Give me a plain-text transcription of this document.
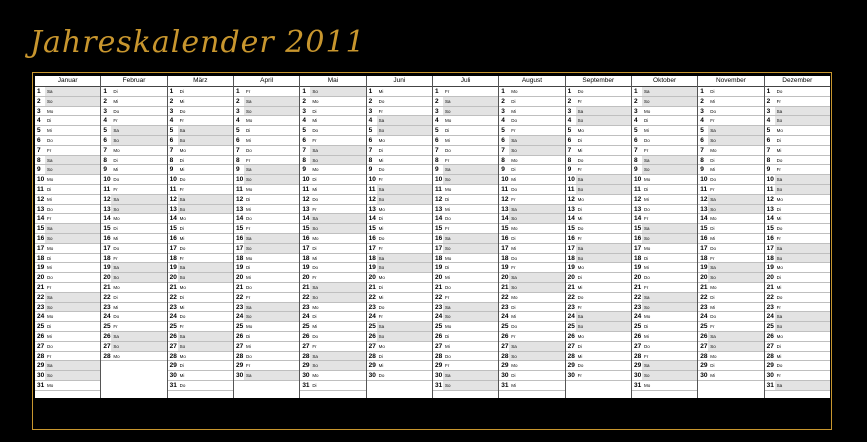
Jahreskalender 2011
Januar
1	Sa
2	So
3	Mo
4	Di
5	Mi
6	Do
7	Fr
8	Sa
9	So
10 Mo
11 Di
12 Mi
13 Do
14 Fr
15 Sa
16 So
17 Mo
18 Di
19 Mi
20 Do
21 Fr
22 Sa
23 So
24 Mo
25 Di
26 Mi
27 Do
28 Fr
29 Sa
30 So
31 Mo
Februar
1	Di
2	Mi
3	Do
4	Fr
5	Sa
6	So
7	Mo
8	Di
9	Mi
10 Do
11 Fr
12 Sa
13 So
14 Mo
15 Di
16 Mi
17 Do
18 Fr
19 Sa
20 So
21 Mo
22 Di
23 Mi
24 Do
25 Fr
26 Sa
27 So
28 Mo
März
1	Di
2	Mi
3	Do
4	Fr
5	Sa
6	So
7	Mo
8	Di
9	Mi
10 Do
11 Fr
12 Sa
13 So
14 Mo
15 Di
16 Mi
17 Do
18 Fr
19 Sa
20 So
21 Mo
22 Di
23 Mi
24 Do
25 Fr
26 Sa
27 So
28 Mo
29 Di
30 Mi
31 Do
April
1	Fr
2	Sa
3	So
4	Mo
5	Di
6	Mi
7	Do
8	Fr
9	Sa
10 So
11 Mo
12 Di
13 Mi
14 Do
15 Fr
16 Sa
17 So
18 Mo
19 Di
20 Mi
21 Do
22 Fr
23 Sa
24 So
25 Mo
26 Di
27 Mi
28 Do
29 Fr
30 Sa
Mai
1	So
2	Mo
3	Di
4	Mi
5	Do
6	Fr
7	Sa
8	So
9	Mo
10 Di
11 Mi
12 Do
13 Fr
14 Sa
15 So
16 Mo
17 Di
18 Mi
19 Do
20 Fr
21 Sa
22 So
23 Mo
24 Di
25 Mi
26 Do
27 Fr
28 Sa
29 So
30 Mo
31 Di
Juni
1	Mi
2	Do
3	Fr
4	Sa
5	So
6	Mo
7	Di
8	Mi
9	Do
10 Fr
11 Sa
12 So
13 Mo
14 Di
15 Mi
16 Do
17 Fr
18 Sa
19 So
20 Mo
21 Di
22 Mi
23 Do
24 Fr
25 Sa
26 So
27 Mo
28 Di
29 Mi
30 Do
Juli
1	Fr
2	Sa
3	So
4	Mo
5	Di
6	Mi
7	Do
8	Fr
9	Sa
10 So
11 Mo
12 Di
13 Mi
14 Do
15 Fr
16 Sa
17 So
18 Mo
19 Di
20 Mi
21 Do
22 Fr
23 Sa
24 So
25 Mo
26 Di
27 Mi
28 Do
29 Fr
30 Sa
31 So
August
1	Mo
2	Di
3	Mi
4	Do
5	Fr
6	Sa
7	So
8	Mo
9	Di
10 Mi
11 Do
12 Fr
13 Sa
14 So
15 Mo
16 Di
17 Mi
18 Do
19 Fr
20 Sa
21 So
22 Mo
23 Di
24 Mi
25 Do
26 Fr
27 Sa
28 So
29 Mo
30 Di
31 Mi
September
1	Do
2	Fr
3	Sa
4	So
5	Mo
6	Di
7	Mi
8	Do
9	Fr
10 Sa
11 So
12 Mo
13 Di
14 Mi
15 Do
16 Fr
17 Sa
18 So
19 Mo
20 Di
21 Mi
22 Do
23 Fr
24 Sa
25 So
26 Mo
27 Di
28 Mi
29 Do
30 Fr
Oktober
1	Sa
2	So
3	Mo
4	Di
5	Mi
6	Do
7	Fr
8	Sa
9	So
10 Mo
11 Di
12 Mi
13 Do
14 Fr
15 Sa
16 So
17 Mo
18 Di
19 Mi
20 Do
21 Fr
22 Sa
23 So
24 Mo
25 Di
26 Mi
27 Do
28 Fr
29 Sa
30 So
31 Mo
November
1	Di
2	Mi
3	Do
4	Fr
5	Sa
6	So
7	Mo
8	Di
9	Mi
10 Do
11 Fr
12 Sa
13 So
14 Mo
15 Di
16 Mi
17 Do
18 Fr
19 Sa
20 So
21 Mo
22 Di
23 Mi
24 Do
25 Fr
26 Sa
27 So
28 Mo
29 Di
30 Mi
Dezember
1	Do
2	Fr
3	Sa
4	So
5	Mo
6	Di
7	Mi
8	Do
9	Fr
10 Sa
11 So
12 Mo
13 Di
14 Mi
15 Do
16 Fr
17 Sa
18 So
19 Mo
20 Di
21 Mi
22 Do
23 Fr
24 Sa
25 So
26 Mo
27 Di
28 Mi
29 Do
30 Fr
31 Sa
